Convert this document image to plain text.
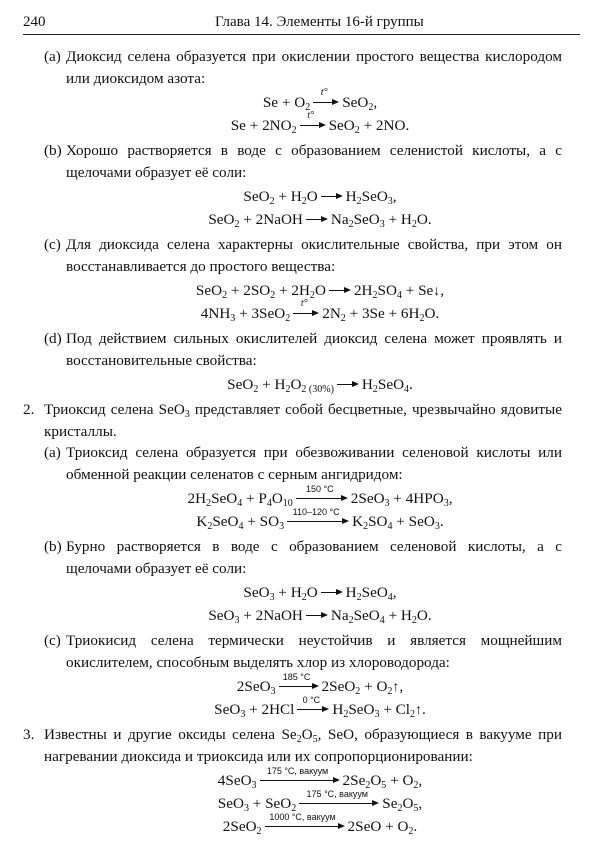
240	Глава 14. Элементы 16-й группы

(a) Диоксид селена образуется при окислении простого вещества кислородом или диоксидом азота:

$Se + O_2$
t°
SeO$_2$,
$Se + 2NO_2$
t°
SeO$_2$ + 2NO.

(b) Хорошо растворяется в воде с образованием селенистой кислоты, а с щелочами образует её соли:

$SeO_2 + H_2O$ $H_2SeO_3$,
SeO$_2$ + 2NaOH $Na_2SeO_3 + H_2O$.

(c) Для диоксида селена характерны окислительные свойства, при этом он восстанавливается до простого вещества:

$SeO_2 + 2SO_2 + 2H_2O$ $2H_2SO_4$ + Se↓,
$4NH_3 + 3SeO_2$
t°
$2N_2 + 3Se + 6H_2O$.

(d) Под действием сильных окислителей диоксид селена может проявлять и восстановительные свойства:

$SeO_2 + H_2O_{2 (30\%)}$ $H_2SeO_4$.

2. Триоксид селена SeO$_3$ представляет собой бесцветные, чрезвычайно ядовитые кристаллы.

(a) Триоксид селена образуется при обезвоживании селеновой кислоты или обменной реакции селенатов с серным ангидридом:

$2H_2SeO_4 + P_4O_{10}$
150 °C
$2SeO_3 + 4HPO_3$,
$K_2SeO_4 + SO_3$
110–120 °C
$K_2SO_4 + SeO_3$.

(b) Бурно растворяется в воде с образованием селеновой кислоты, а с щелочами образует её соли:

$SeO_3 + H_2O$ $H_2SeO_4$,
SeO$_3$ + 2NaOH $Na_2SeO_4 + H_2O$.

(c) Триокисид селена термически неустойчив и является мощнейшим окислителем, способным выделять хлор из хлороводорода:

2SeO$_3$
185 °C
$2SeO_2 + O_2↑$,
SeO$_3$ + 2HCl
0 °C
$H_2SeO_3$ + $Cl_2↑$.

3. Известны и другие оксиды селена $Se_2O_5$, SeO, образующиеся в вакууме при нагревании диоксида и триоксида или их сопропорционировании:

4SeO$_3$
175 °C, вакуум
$2Se_2O_5 + O_2$,
SeO$_3$ + SeO$_2$
175 °C, вакуум
$Se_2O_5$,
2SeO$_2$
1000 °C, вакуум
$2SeO + O_2$.
